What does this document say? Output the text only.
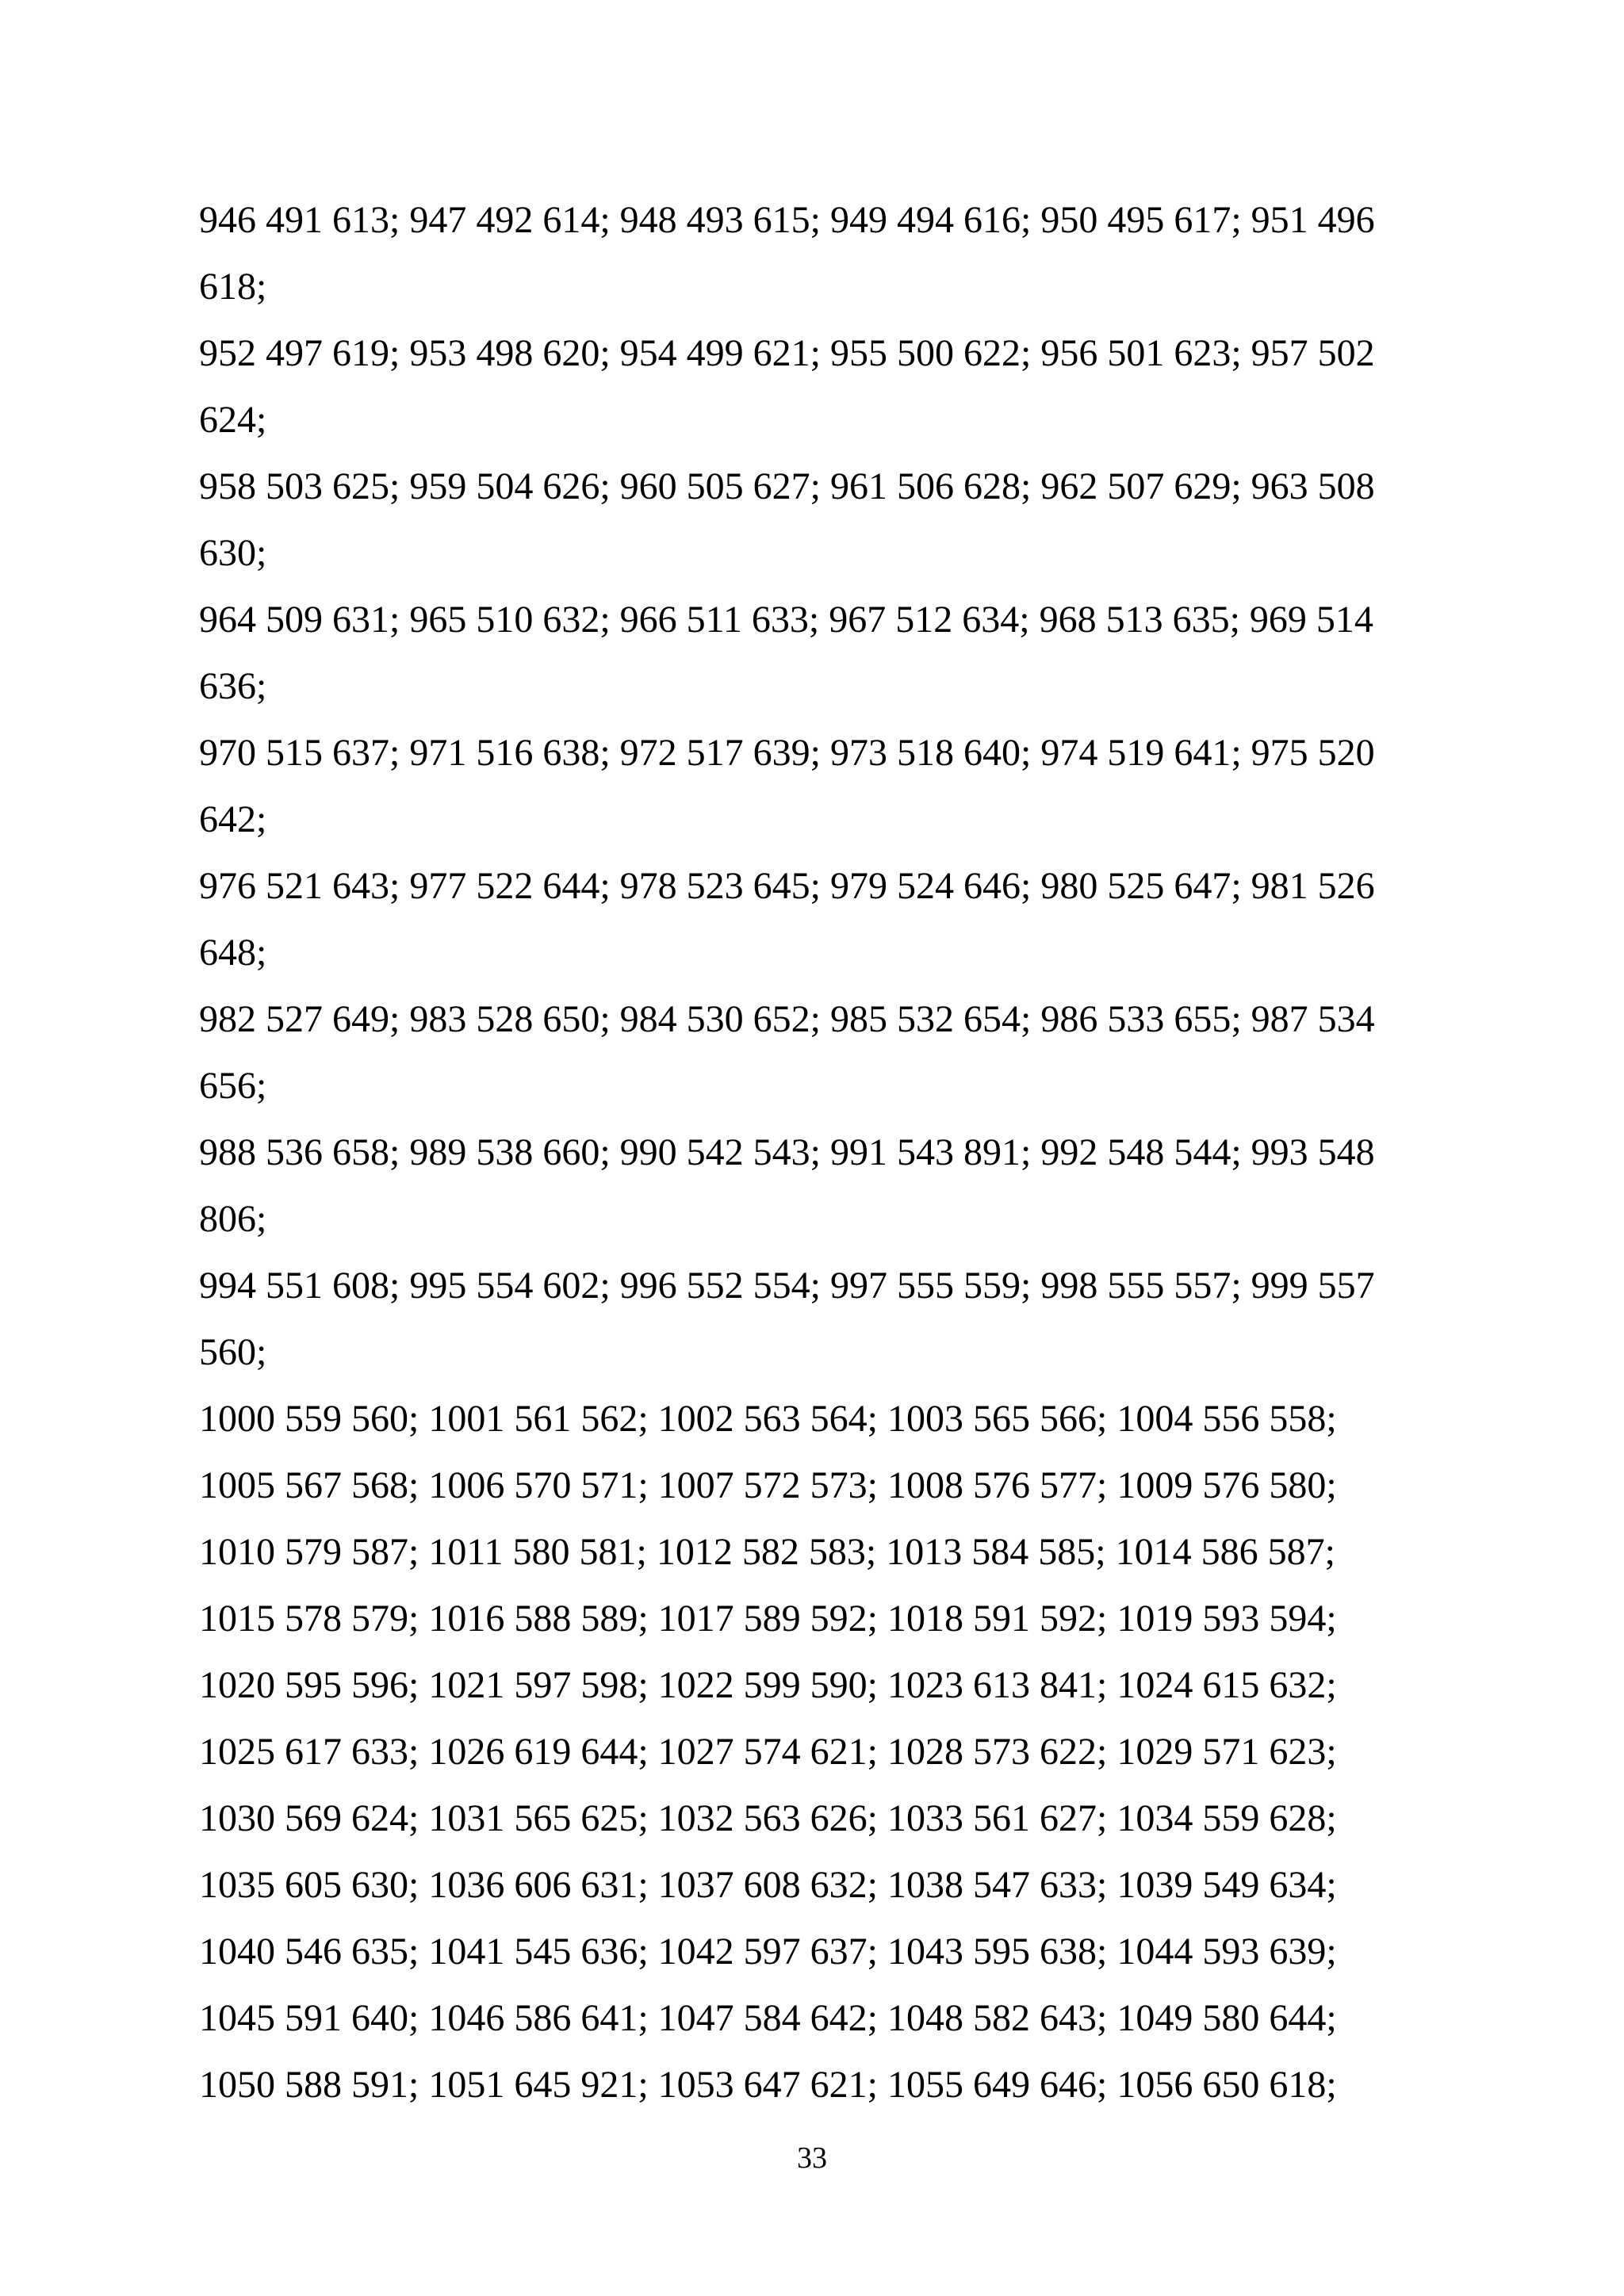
946 491 613; 947 492 614; 948 493 615; 949 494 616; 950 495 617; 951 496
618;
952 497 619; 953 498 620; 954 499 621; 955 500 622; 956 501 623; 957 502
624;
958 503 625; 959 504 626; 960 505 627; 961 506 628; 962 507 629; 963 508
630;
964 509 631; 965 510 632; 966 511 633; 967 512 634; 968 513 635; 969 514
636;
970 515 637; 971 516 638; 972 517 639; 973 518 640; 974 519 641; 975 520
642;
976 521 643; 977 522 644; 978 523 645; 979 524 646; 980 525 647; 981 526
648;
982 527 649; 983 528 650; 984 530 652; 985 532 654; 986 533 655; 987 534
656;
988 536 658; 989 538 660; 990 542 543; 991 543 891; 992 548 544; 993 548
806;
994 551 608; 995 554 602; 996 552 554; 997 555 559; 998 555 557; 999 557
560;
1000 559 560; 1001 561 562; 1002 563 564; 1003 565 566; 1004 556 558;
1005 567 568; 1006 570 571; 1007 572 573; 1008 576 577; 1009 576 580;
1010 579 587; 1011 580 581; 1012 582 583; 1013 584 585; 1014 586 587;
1015 578 579; 1016 588 589; 1017 589 592; 1018 591 592; 1019 593 594;
1020 595 596; 1021 597 598; 1022 599 590; 1023 613 841; 1024 615 632;
1025 617 633; 1026 619 644; 1027 574 621; 1028 573 622; 1029 571 623;
1030 569 624; 1031 565 625; 1032 563 626; 1033 561 627; 1034 559 628;
1035 605 630; 1036 606 631; 1037 608 632; 1038 547 633; 1039 549 634;
1040 546 635; 1041 545 636; 1042 597 637; 1043 595 638; 1044 593 639;
1045 591 640; 1046 586 641; 1047 584 642; 1048 582 643; 1049 580 644;
1050 588 591; 1051 645 921; 1053 647 621; 1055 649 646; 1056 650 618;
33
